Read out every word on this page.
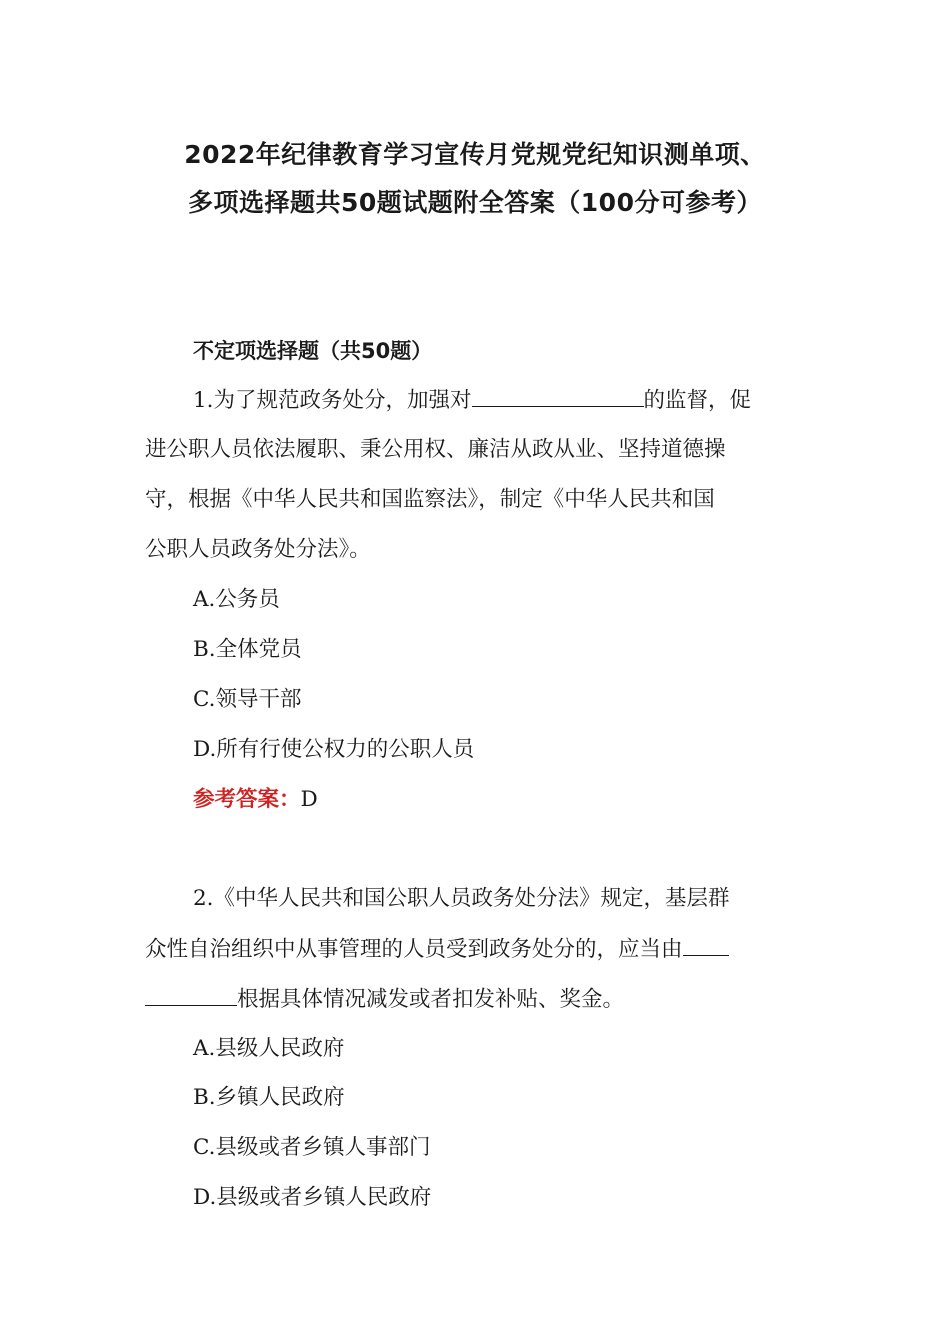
2022年纪律教育学习宣传月党规党纪知识测单项、
多项选择题共50题试题附全答案（100分可参考）
不定项选择题（共50题）
1.为了规范政务处分，加强对	的监督，促
进公职人员依法履职、秉公用权、廉洁从政从业、坚持道德操
守，根据《中华人民共和国监察法》，制定《中华人民共和国
公职人员政务处分法》。
A.公务员
B.全体党员
C.领导干部
D.所有行使公权力的公职人员
参考答案：D
2.《中华人民共和国公职人员政务处分法》规定，基层群
众性自治组织中从事管理的人员受到政务处分的，应当由
根据具体情况减发或者扣发补贴、奖金。
A.县级人民政府
B.乡镇人民政府
C.县级或者乡镇人事部门
D.县级或者乡镇人民政府
